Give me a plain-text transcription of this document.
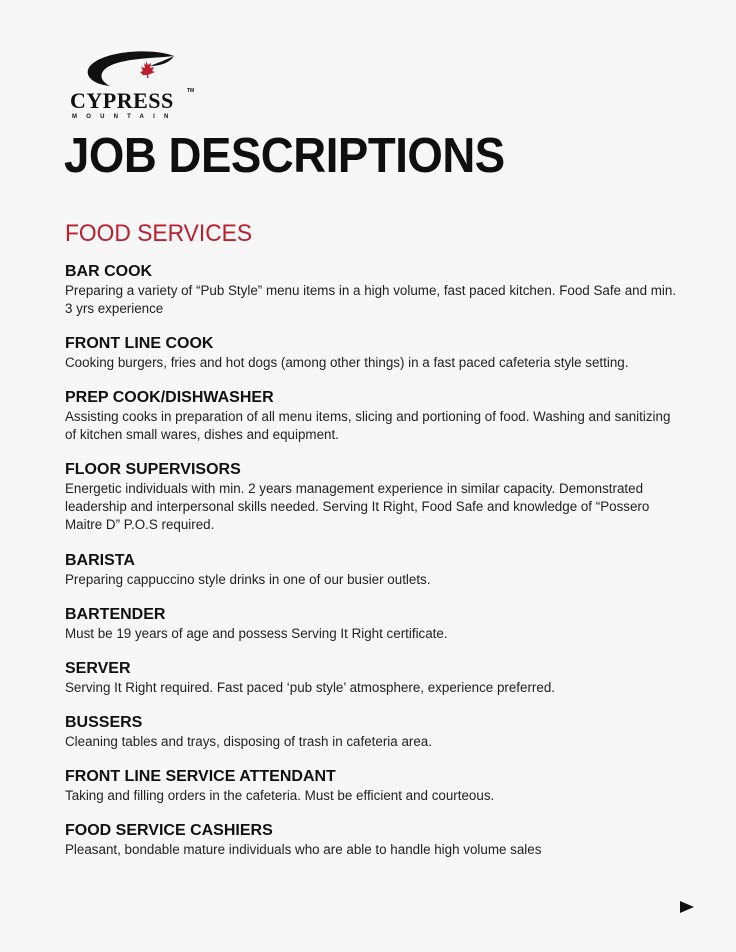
CYPRESS	TM
MOUNTAIN
JOB DESCRIPTIONS
FOOD SERVICES

BAR COOK

Preparing a variety of “Pub Style” menu items in a high volume, fast paced kitchen. Food Safe and min. 3 yrs experience

FRONT LINE COOK

Cooking burgers, fries and hot dogs (among other things) in a fast paced cafeteria style setting.

PREP COOK/DISHWASHER

Assisting cooks in preparation of all menu items, slicing and portioning of food. Washing and sanitizing of kitchen small wares, dishes and equipment.

FLOOR SUPERVISORS

Energetic individuals with min. 2 years management experience in similar capacity. Demonstrated leadership and interpersonal skills needed. Serving It Right, Food Safe and knowledge of “Possero Maitre D” P.O.S required.

BARISTA

Preparing cappuccino style drinks in one of our busier outlets.

BARTENDER

Must be 19 years of age and possess Serving It Right certificate.

SERVER

Serving It Right required. Fast paced ‘pub style’ atmosphere, experience preferred.

BUSSERS

Cleaning tables and trays, disposing of trash in cafeteria area.

FRONT LINE SERVICE ATTENDANT

Taking and filling orders in the cafeteria. Must be efficient and courteous.

FOOD SERVICE CASHIERS

Pleasant, bondable mature individuals who are able to handle high volume sales
